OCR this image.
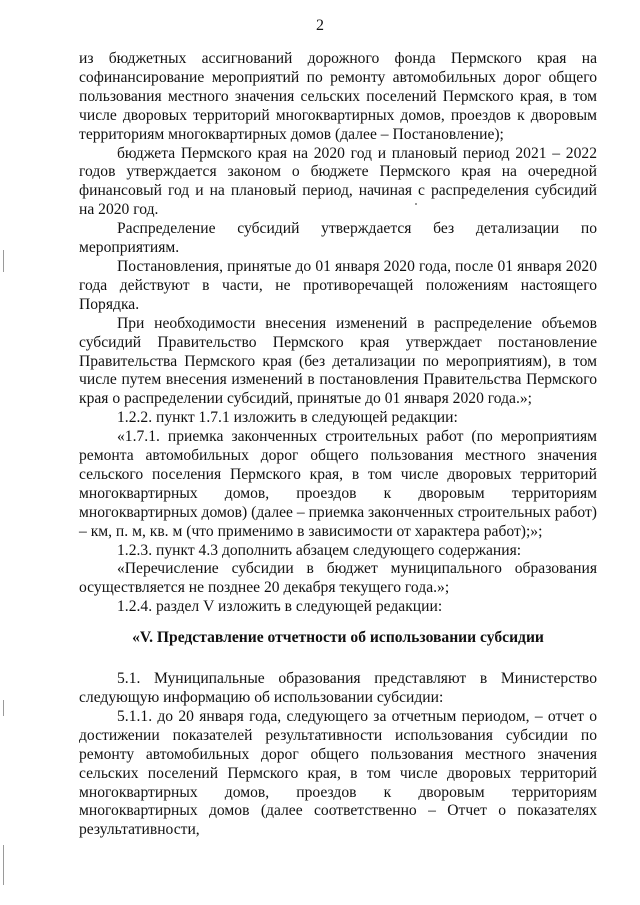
2

из бюджетных ассигнований дорожного фонда Пермского края на софинансирование мероприятий по ремонту автомобильных дорог общего пользования местного значения сельских поселений Пермского края, в том числе дворовых территорий многоквартирных домов, проездов к дворовым территориям многоквартирных домов (далее – Постановление);

бюджета Пермского края на 2020 год и плановый период 2021 – 2022 годов утверждается законом о бюджете Пермского края на очередной финансовый год и на плановый период, начиная с распределения субсидий на 2020 год.

Распределение субсидий утверждается без детализации по мероприятиям.

Постановления, принятые до 01 января 2020 года, после 01 января 2020 года действуют в части, не противоречащей положениям настоящего Порядка.

При необходимости внесения изменений в распределение объемов субсидий Правительство Пермского края утверждает постановление Правительства Пермского края (без детализации по мероприятиям), в том числе путем внесения изменений в постановления Правительства Пермского края о распределении субсидий, принятые до 01 января 2020 года.»;

1.2.2. пункт 1.7.1 изложить в следующей редакции:

«1.7.1. приемка законченных строительных работ (по мероприятиям ремонта автомобильных дорог общего пользования местного значения сельского поселения Пермского края, в том числе дворовых территорий многоквартирных домов, проездов к дворовым территориям многоквартирных домов) (далее – приемка законченных строительных работ) – км, п. м, кв. м (что применимо в зависимости от характера работ);»;

1.2.3. пункт 4.3 дополнить абзацем следующего содержания:

«Перечисление субсидии в бюджет муниципального образования осуществляется не позднее 20 декабря текущего года.»;

1.2.4. раздел V изложить в следующей редакции:

«V. Представление отчетности об использовании субсидии

5.1. Муниципальные образования представляют в Министерство следующую информацию об использовании субсидии:

5.1.1. до 20 января года, следующего за отчетным периодом, – отчет о достижении показателей результативности использования субсидии по ремонту автомобильных дорог общего пользования местного значения сельских поселений Пермского края, в том числе дворовых территорий многоквартирных домов, проездов к дворовым территориям многоквартирных домов (далее соответственно – Отчет о показателях результативности,
